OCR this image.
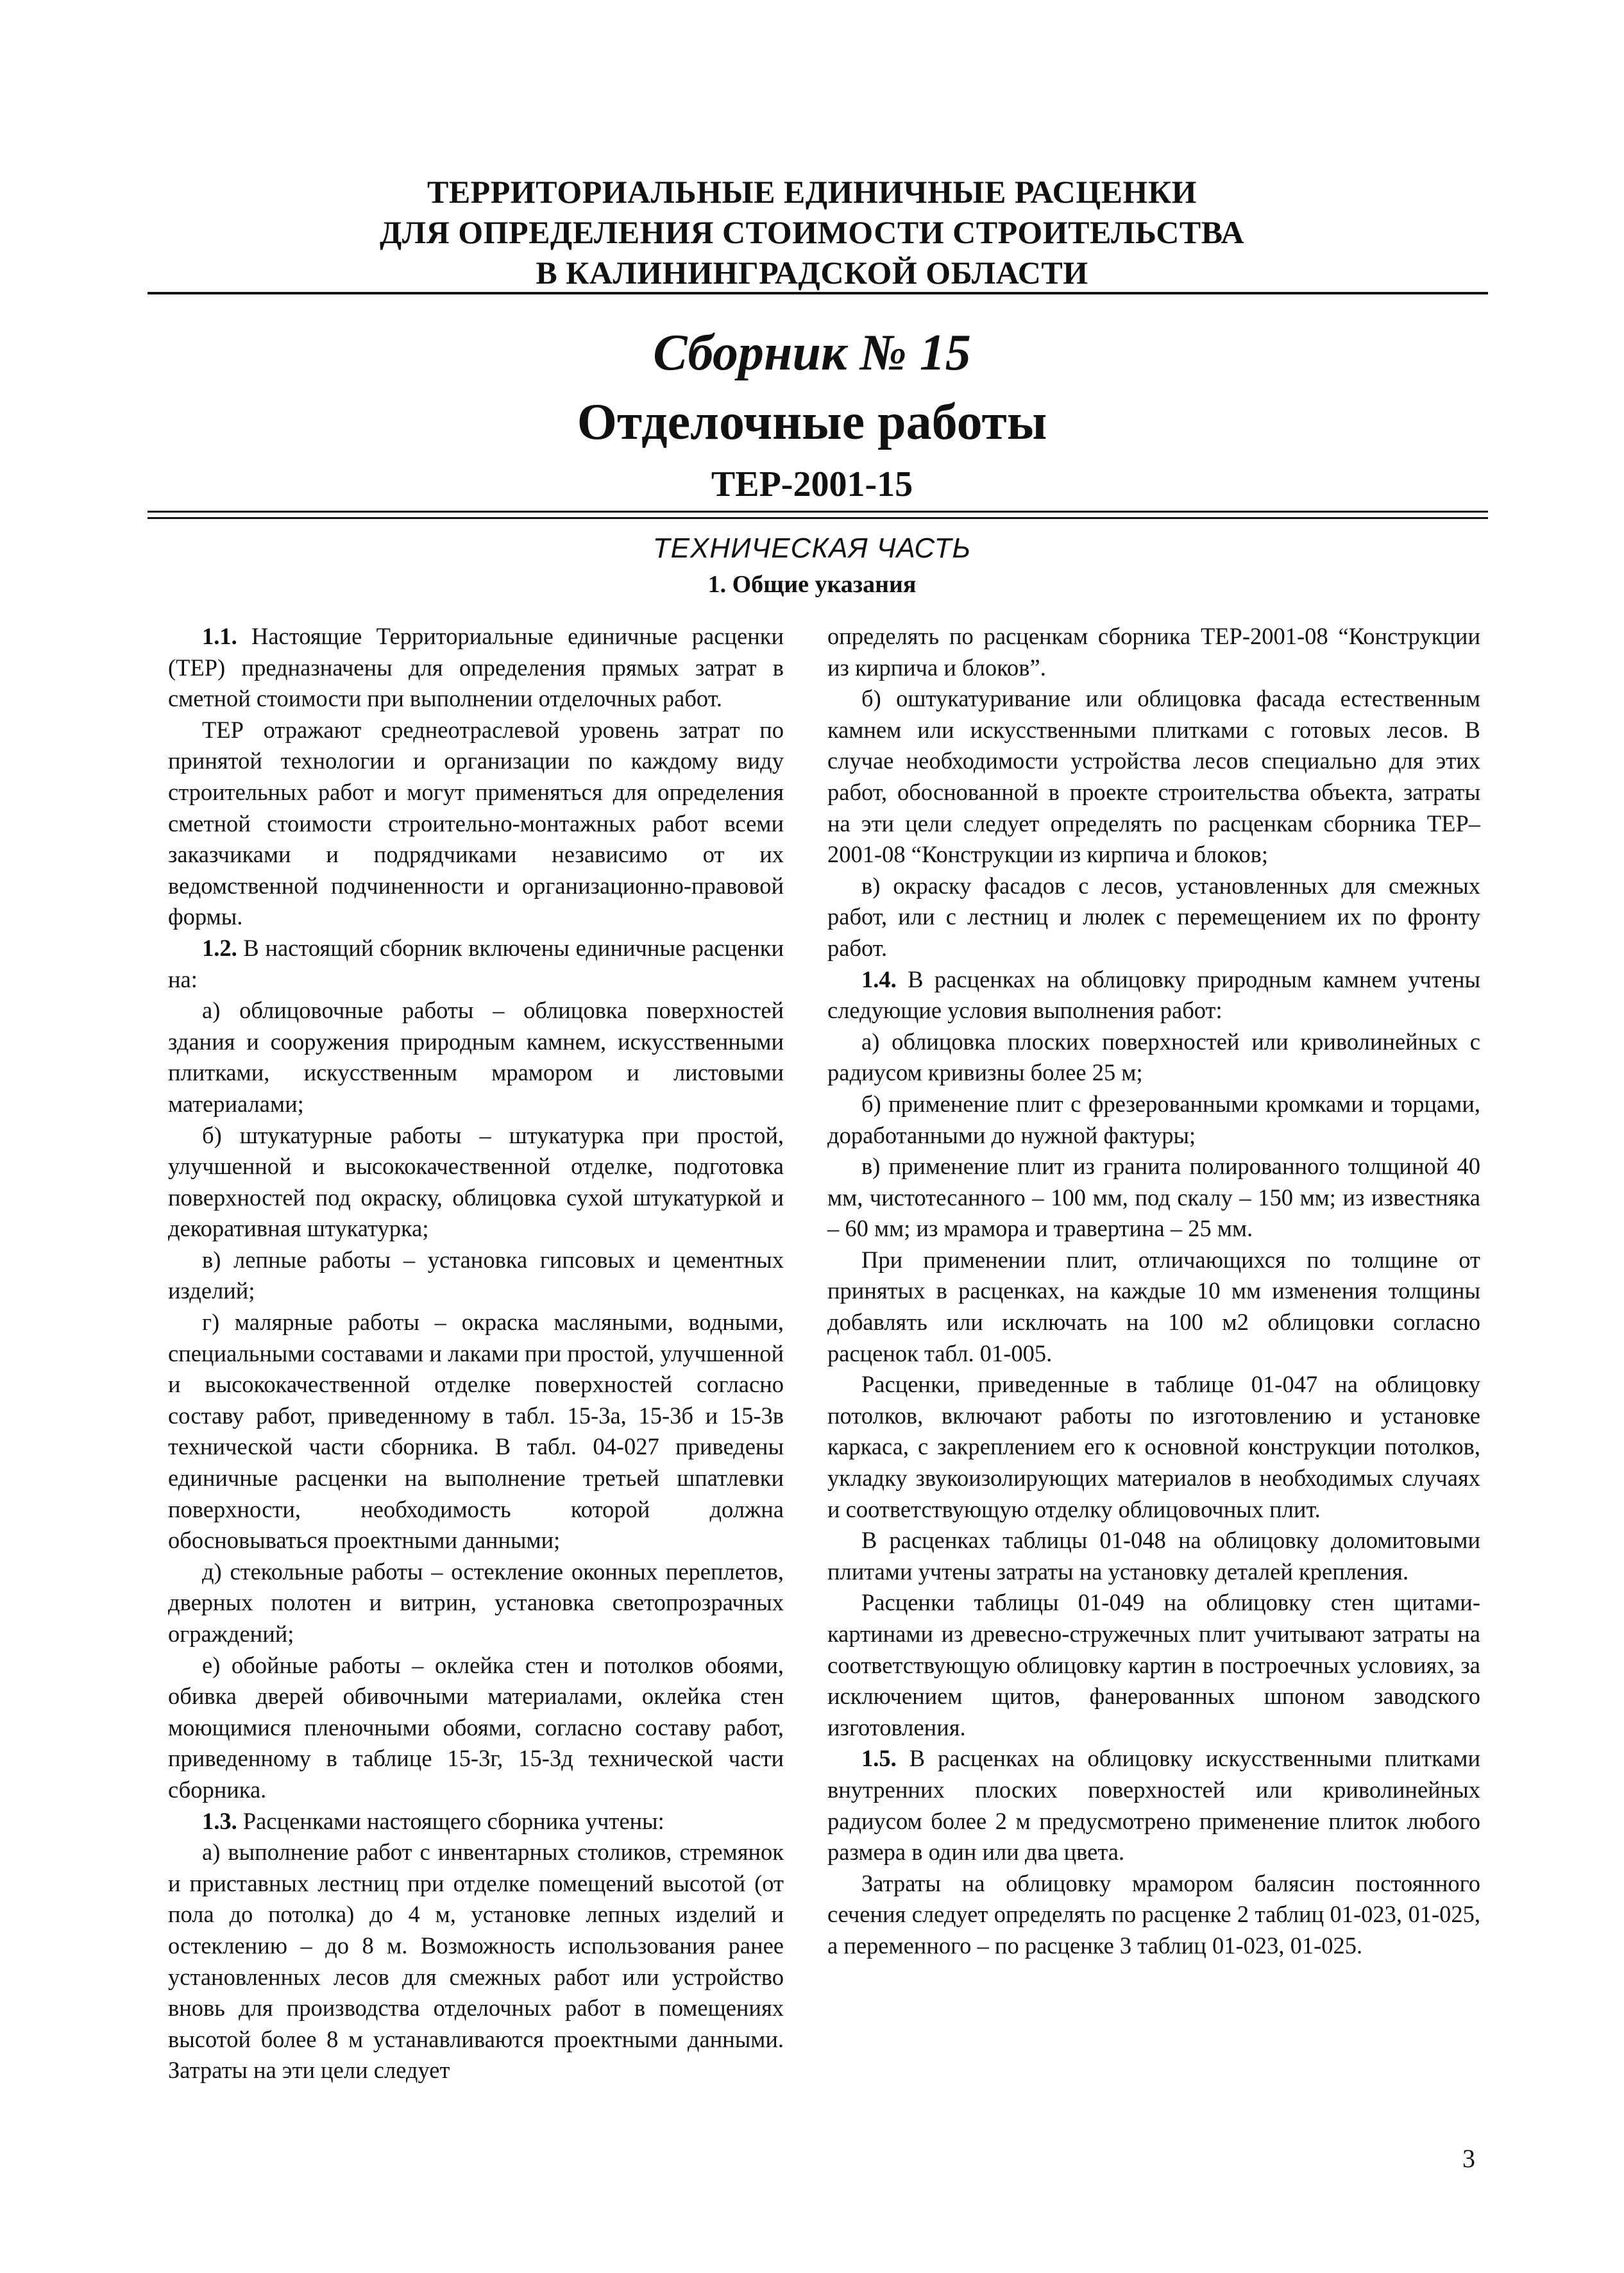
ТЕРРИТОРИАЛЬНЫЕ ЕДИНИЧНЫЕ РАСЦЕНКИ
ДЛЯ ОПРЕДЕЛЕНИЯ СТОИМОСТИ СТРОИТЕЛЬСТВА
В КАЛИНИНГРАДСКОЙ ОБЛАСТИ
Сборник № 15
Отделочные работы
ТЕР-2001-15
ТЕХНИЧЕСКАЯ ЧАСТЬ
1. Общие указания

1.1. Настоящие Территориальные единичные расценки (ТЕР) предназначены для определения прямых затрат в сметной стоимости при выполнении отделочных работ.

ТЕР отражают среднеотраслевой уровень затрат по принятой технологии и организации по каждому виду строительных работ и могут применяться для определения сметной стоимости строительно-монтажных работ всеми заказчиками и подрядчиками независимо от их ведомственной подчиненности и организационно-правовой формы.

1.2. В настоящий сборник включены единичные расценки на:

а) облицовочные работы – облицовка поверхностей здания и сооружения природным камнем, искусственными плитками, искусственным мрамором и листовыми материалами;

б) штукатурные работы – штукатурка при простой, улучшенной и высококачественной отделке, подготовка поверхностей под окраску, облицовка сухой штукатуркой и декоративная штукатурка;

в) лепные работы – установка гипсовых и цементных изделий;

г) малярные работы – окраска масляными, водными, специальными составами и лаками при простой, улучшенной и высококачественной отделке поверхностей согласно составу работ, приведенному в табл. 15-3а, 15-3б и 15-3в технической части сборника. В табл. 04-027 приведены единичные расценки на выполнение третьей шпатлевки поверхности, необходимость которой должна обосновываться проектными данными;

д) стекольные работы – остекление оконных переплетов, дверных полотен и витрин, установка светопрозрачных ограждений;

е) обойные работы – оклейка стен и потолков обоями, обивка дверей обивочными материалами, оклейка стен моющимися пленочными обоями, согласно составу работ, приведенному в таблице 15-3г, 15-3д технической части сборника.

1.3. Расценками настоящего сборника учтены:

а) выполнение работ с инвентарных столиков, стремянок и приставных лестниц при отделке помещений высотой (от пола до потолка) до 4 м, установке лепных изделий и остеклению – до 8 м. Возможность использования ранее установленных лесов для смежных работ или устройство вновь для производства отделочных работ в помещениях высотой более 8 м устанавливаются проектными данными. Затраты на эти цели следует

определять по расценкам сборника ТЕР-2001-08 “Конструкции из кирпича и блоков”.

б) оштукатуривание или облицовка фасада естественным камнем или искусственными плитками с готовых лесов. В случае необходимости устройства лесов специально для этих работ, обоснованной в проекте строительства объекта, затраты на эти цели следует определять по расценкам сборника ТЕР–2001-08 “Конструкции из кирпича и блоков;

в) окраску фасадов с лесов, установленных для смежных работ, или с лестниц и люлек с перемещением их по фронту работ.

1.4. В расценках на облицовку природным камнем учтены следующие условия выполнения работ:

а) облицовка плоских поверхностей или криволинейных с радиусом кривизны более 25 м;

б) применение плит с фрезерованными кромками и торцами, доработанными до нужной фактуры;

в) применение плит из гранита полированного толщиной 40 мм, чистотесанного – 100 мм, под скалу – 150 мм; из известняка – 60 мм; из мрамора и травертина – 25 мм.

При применении плит, отличающихся по толщине от принятых в расценках, на каждые 10 мм изменения толщины добавлять или исключать на 100 м2 облицовки согласно расценок табл. 01-005.

Расценки, приведенные в таблице 01-047 на облицовку потолков, включают работы по изготовлению и установке каркаса, с закреплением его к основной конструкции потолков, укладку звукоизолирующих материалов в необходимых случаях и соответствующую отделку облицовочных плит.

В расценках таблицы 01-048 на облицовку доломитовыми плитами учтены затраты на установку деталей крепления.

Расценки таблицы 01-049 на облицовку стен щитами-картинами из древесно-стружечных плит учитывают затраты на соответствующую облицовку картин в построечных условиях, за исключением щитов, фанерованных шпоном заводского изготовления.

1.5. В расценках на облицовку искусственными плитками внутренних плоских поверхностей или криволинейных радиусом более 2 м предусмотрено применение плиток любого размера в один или два цвета.

Затраты на облицовку мрамором балясин постоянного сечения следует определять по расценке 2 таблиц 01-023, 01-025, а переменного – по расценке 3 таблиц 01-023, 01-025.

3
